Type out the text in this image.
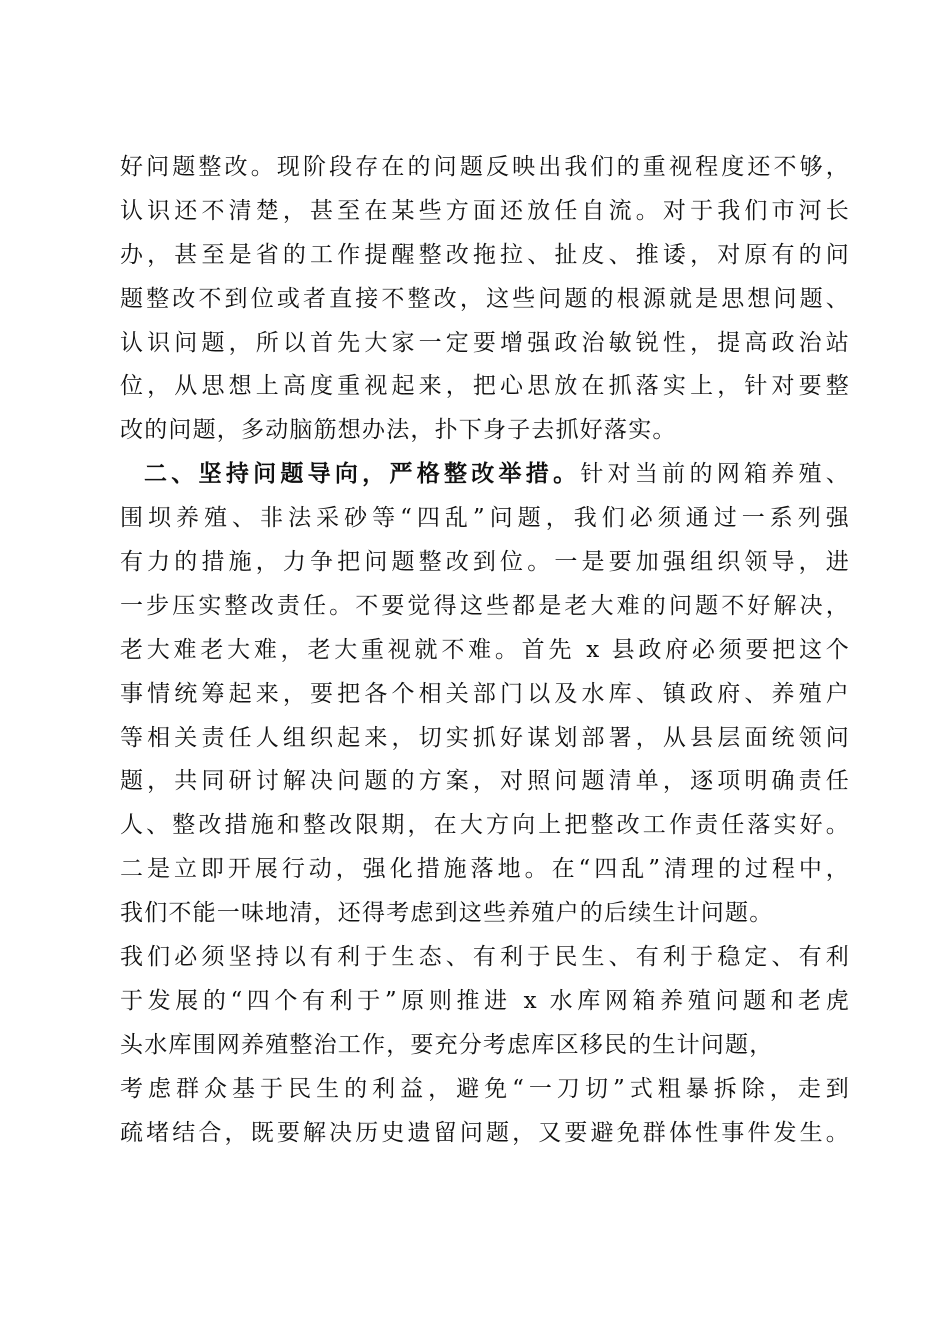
好问题整改。现阶段存在的问题反映出我们的重视程度还不够，
认识还不清楚，甚至在某些方面还放任自流。对于我们市河长
办，甚至是省的工作提醒整改拖拉、扯皮、推诿，对原有的问
题整改不到位或者直接不整改，这些问题的根源就是思想问题、
认识问题，所以首先大家一定要增强政治敏锐性，提高政治站
位，从思想上高度重视起来，把心思放在抓落实上，针对要整
改的问题，多动脑筋想办法，扑下身子去抓好落实。
二、坚持问题导向，严格整改举措。针对当前的网箱养殖、
围坝养殖、非法采砂等“四乱”问题，我们必须通过一系列强
有力的措施，力争把问题整改到位。一是要加强组织领导，进
一步压实整改责任。不要觉得这些都是老大难的问题不好解决，
老大难老大难，老大重视就不难。首先 x 县政府必须要把这个
事情统筹起来，要把各个相关部门以及水库、镇政府、养殖户
等相关责任人组织起来，切实抓好谋划部署，从县层面统领问
题，共同研讨解决问题的方案，对照问题清单，逐项明确责任
人、整改措施和整改限期，在大方向上把整改工作责任落实好。
二是立即开展行动，强化措施落地。在“四乱”清理的过程中，
我们不能一味地清，还得考虑到这些养殖户的后续生计问题。
我们必须坚持以有利于生态、有利于民生、有利于稳定、有利
于发展的“四个有利于”原则推进 x 水库网箱养殖问题和老虎
头水库围网养殖整治工作，要充分考虑库区移民的生计问题，
考虑群众基于民生的利益，避免“一刀切”式粗暴拆除，走到
疏堵结合，既要解决历史遗留问题，又要避免群体性事件发生。
